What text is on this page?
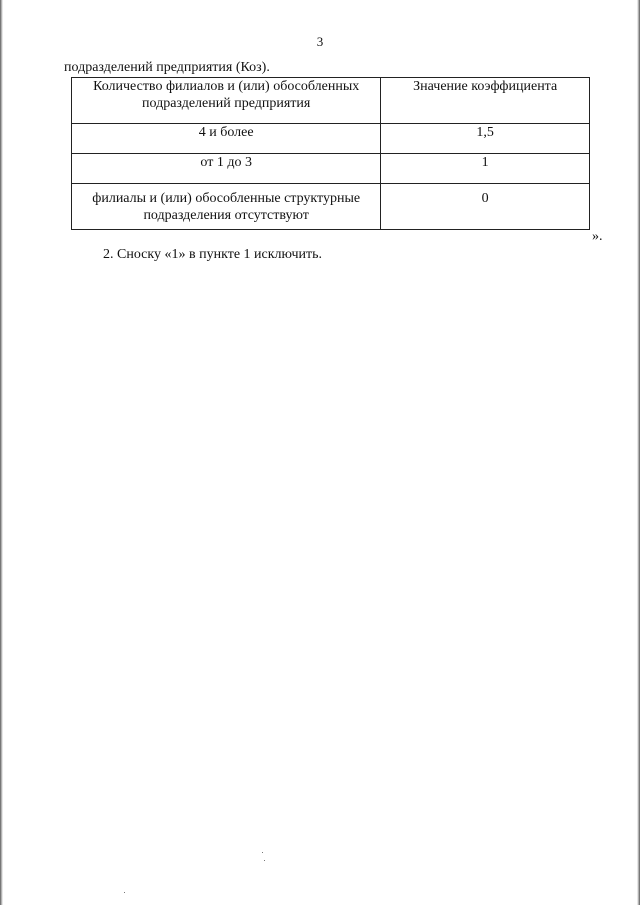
3
подразделений предприятия (Коз).
Количество филиалов и (или) обособленных подразделений предприятия	Значение коэффициента
4 и более	1,5
от 1 до 3	1
филиалы и (или) обособленные структурные подразделения отсутствуют	0
».
2. Сноску «1» в пункте 1 исключить.
